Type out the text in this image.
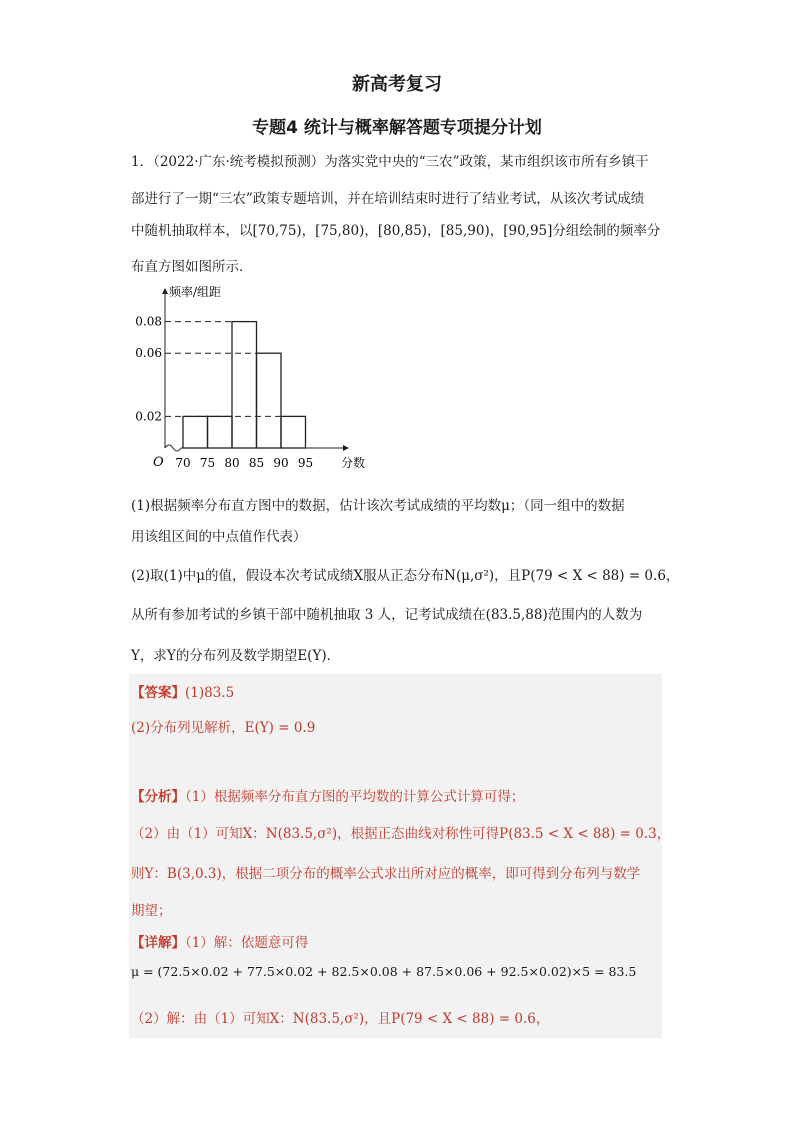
新高考复习
专题4 统计与概率解答题专项提分计划
1．（2022·广东·统考模拟预测）为落实党中央的“三农”政策，某市组织该市所有乡镇干
部进行了一期“三农”政策专题培训，并在培训结束时进行了结业考试，从该次考试成绩
中随机抽取样本，以[70,75)，[75,80)，[80,85)，[85,90)，[90,95]分组绘制的频率分
布直方图如图所示．
频率/组距
分数
O
0.02
0.06
0.08
70 75 80 85 90 95
(1)根据频率分布直方图中的数据，估计该次考试成绩的平均数μ；（同一组中的数据
用该组区间的中点值作代表）
(2)取(1)中μ的值，假设本次考试成绩X服从正态分布N(μ,σ²)，且P(79 < X < 88) = 0.6，
从所有参加考试的乡镇干部中随机抽取 3 人，记考试成绩在(83.5,88)范围内的人数为
Y，求Y的分布列及数学期望E(Y)．
【答案】(1)83.5
(2)分布列见解析，E(Y) = 0.9
【分析】（1）根据频率分布直方图的平均数的计算公式计算可得；
（2）由（1）可知X：N(83.5,σ²)，根据正态曲线对称性可得P(83.5 < X < 88) = 0.3，
则Y：B(3,0.3)，根据二项分布的概率公式求出所对应的概率，即可得到分布列与数学
期望；
【详解】（1）解：依题意可得
μ = (72.5×0.02 + 77.5×0.02 + 82.5×0.08 + 87.5×0.06 + 92.5×0.02)×5 = 83.5
（2）解：由（1）可知X：N(83.5,σ²)，且P(79 < X < 88) = 0.6，
